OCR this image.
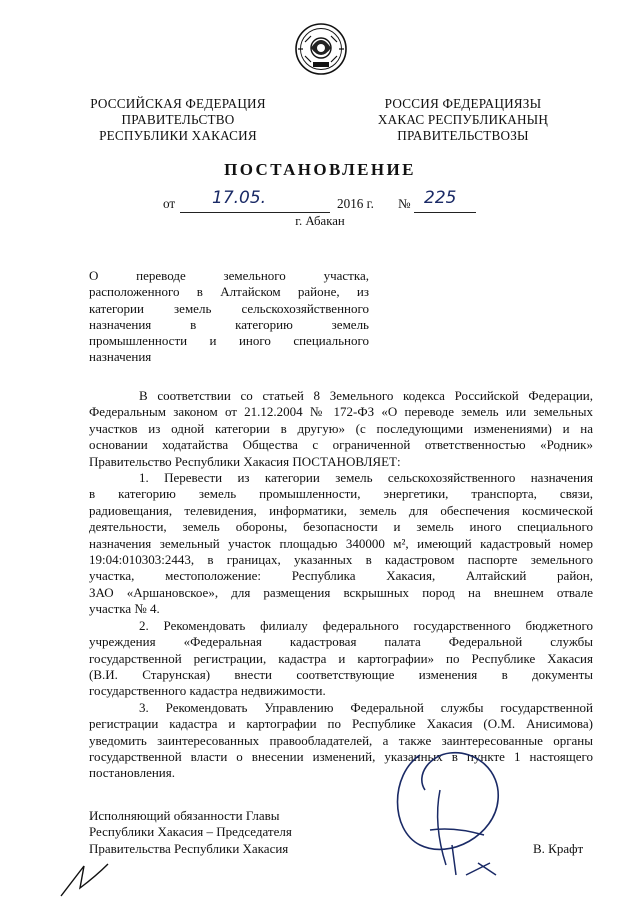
РОССИЙСКАЯ ФЕДЕРАЦИЯ
ПРАВИТЕЛЬСТВО
РЕСПУБЛИКИ ХАКАСИЯ
РОССИЯ ФЕДЕРАЦИЯЗЫ
ХАКАС РЕСПУБЛИКАНЫҢ
ПРАВИТЕЛЬСТВОЗЫ
ПОСТАНОВЛЕНИЕ
от 17.05.	2016 г. № 225
г. Абакан
О переводе земельного участка,
расположенного в Алтайском районе, из
категории земель сельскохозяйственного
назначения в категорию земель
промышленности и иного специального
назначения
В соответствии со статьей 8 Земельного кодекса Российской Федерации,
Федеральным законом от 21.12.2004 № 172-ФЗ «О переводе земель или земельных
участков из одной категории в другую» (с последующими изменениями) и на
основании ходатайства Общества с ограниченной ответственностью «Родник»
Правительство Республики Хакасия ПОСТАНОВЛЯЕТ:
1. Перевести из категории земель сельскохозяйственного назначения
в категорию земель промышленности, энергетики, транспорта, связи,
радиовещания, телевидения, информатики, земель для обеспечения космической
деятельности, земель обороны, безопасности и земель иного специального
назначения земельный участок площадью 340000 м², имеющий кадастровый номер
19:04:010303:2443, в границах, указанных в кадастровом паспорте земельного
участка, местоположение: Республика Хакасия, Алтайский район,
ЗАО «Аршановское», для размещения вскрышных пород на внешнем отвале
участка № 4.
2. Рекомендовать филиалу федерального государственного бюджетного
учреждения «Федеральная кадастровая палата Федеральной службы
государственной регистрации, кадастра и картографии» по Республике Хакасия
(В.И. Старунская) внести соответствующие изменения в документы
государственного кадастра недвижимости.
3. Рекомендовать Управлению Федеральной службы государственной
регистрации кадастра и картографии по Республике Хакасия (О.М. Анисимова)
уведомить заинтересованных правообладателей, а также заинтересованные органы
государственной власти о внесении изменений, указанных в пункте 1 настоящего
постановления.
Исполняющий обязанности Главы
Республики Хакасия – Председателя
Правительства Республики Хакасия	В. Крафт
